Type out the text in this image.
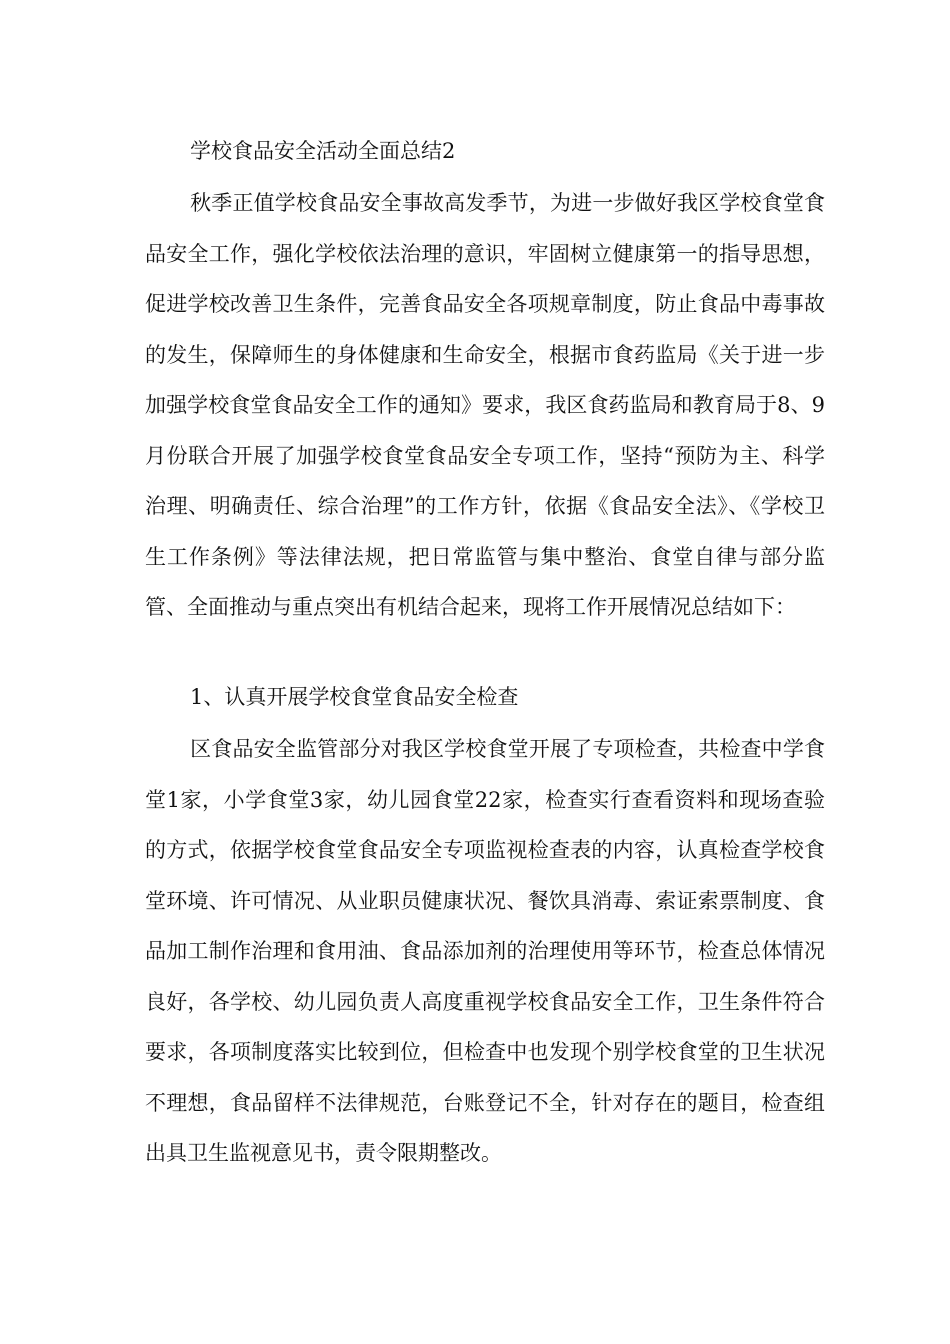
学校食品安全活动全面总结2

秋季正值学校食品安全事故高发季节，为进一步做好我区学校食堂食品安全工作，强化学校依法治理的意识，牢固树立健康第一的指导思想，促进学校改善卫生条件，完善食品安全各项规章制度，防止食品中毒事故的发生，保障师生的身体健康和生命安全，根据市食药监局《关于进一步加强学校食堂食品安全工作的通知》要求，我区食药监局和教育局于8、9月份联合开展了加强学校食堂食品安全专项工作，坚持“预防为主、科学治理、明确责任、综合治理”的工作方针，依据《食品安全法》、《学校卫生工作条例》等法律法规，把日常监管与集中整治、食堂自律与部分监管、全面推动与重点突出有机结合起来，现将工作开展情况总结如下：

1、认真开展学校食堂食品安全检查

区食品安全监管部分对我区学校食堂开展了专项检查，共检查中学食堂1家，小学食堂3家，幼儿园食堂22家，检查实行查看资料和现场查验的方式，依据学校食堂食品安全专项监视检查表的内容，认真检查学校食堂环境、许可情况、从业职员健康状况、餐饮具消毒、索证索票制度、食品加工制作治理和食用油、食品添加剂的治理使用等环节，检查总体情况良好，各学校、幼儿园负责人高度重视学校食品安全工作，卫生条件符合要求，各项制度落实比较到位，但检查中也发现个别学校食堂的卫生状况不理想，食品留样不法律规范，台账登记不全，针对存在的题目，检查组出具卫生监视意见书，责令限期整改。
